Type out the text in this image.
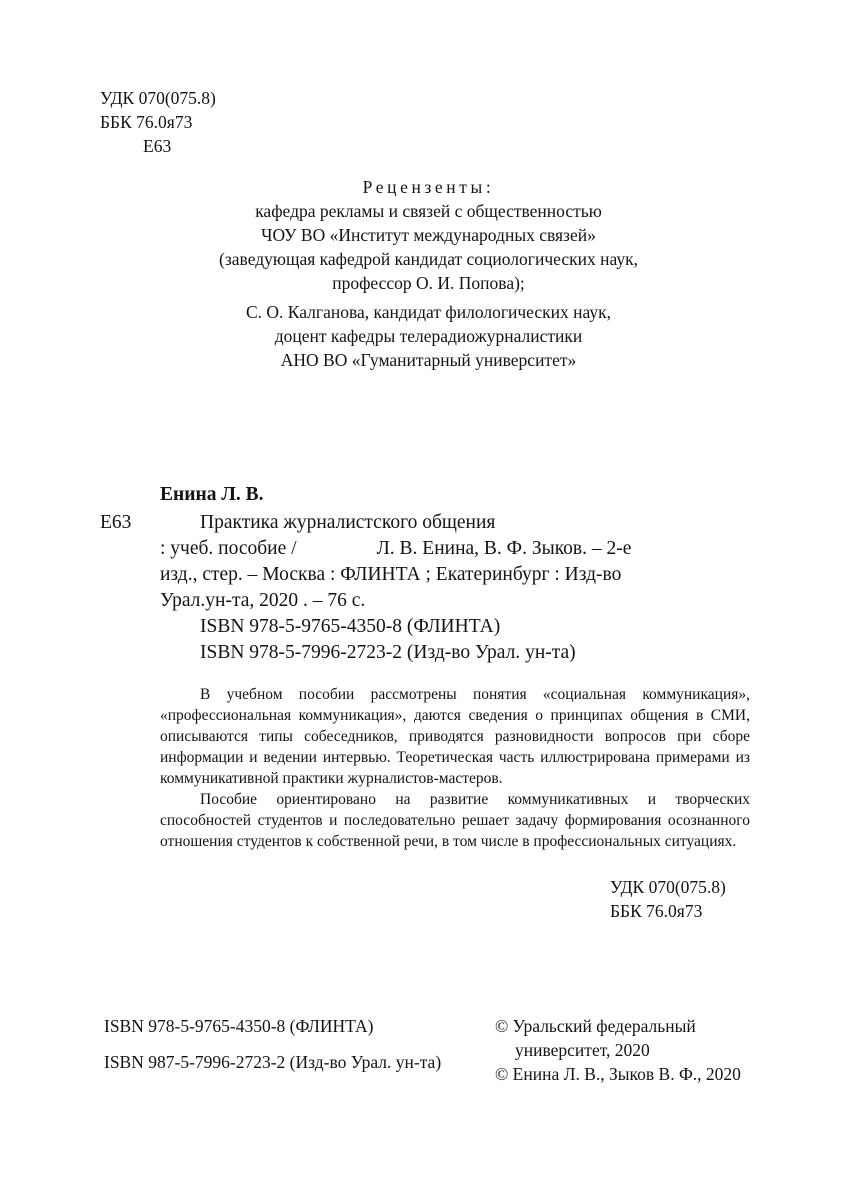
УДК 070(075.8)
ББК 76.0я73
Е63
Рецензенты:
кафедра рекламы и связей с общественностью
ЧОУ ВО «Институт международных связей»
(заведующая кафедрой кандидат социологических наук,
профессор О. И. Попова);
С. О. Калганова, кандидат филологических наук,
доцент кафедры телерадиожурналистики
АНО ВО «Гуманитарный университет»
Енина Л. В.
Е63	Практика журналистского общения
: учеб. пособие /	Л. В. Енина, В. Ф. Зыков. – 2-е
изд., стер. – Москва : ФЛИНТА ; Екатеринбург : Изд-во
Урал.ун-та, 2020 . – 76 с.
ISBN 978-5-9765-4350-8 (ФЛИНТА)
ISBN 978-5-7996-2723-2 (Изд-во Урал. ун-та)

В учебном пособии рассмотрены понятия «социальная коммуникация», «профессиональная коммуникация», даются сведения о принципах общения в СМИ, описываются типы собеседников, приводятся разновидности вопросов при сборе информации и ведении интервью. Теоретическая часть иллюстрирована примерами из коммуникативной практики журналистов-мастеров.

Пособие ориентировано на развитие коммуникативных и творческих способностей студентов и последовательно решает задачу формирования осознанного отношения студентов к собственной речи, в том числе в профессиональных ситуациях.

УДК 070(075.8)
ББК 76.0я73
ISBN 978-5-9765-4350-8 (ФЛИНТА)
ISBN 987-5-7996-2723-2 (Изд-во Урал. ун-та)
© Уральский федеральный
университет, 2020
© Енина Л. В., Зыков В. Ф., 2020
